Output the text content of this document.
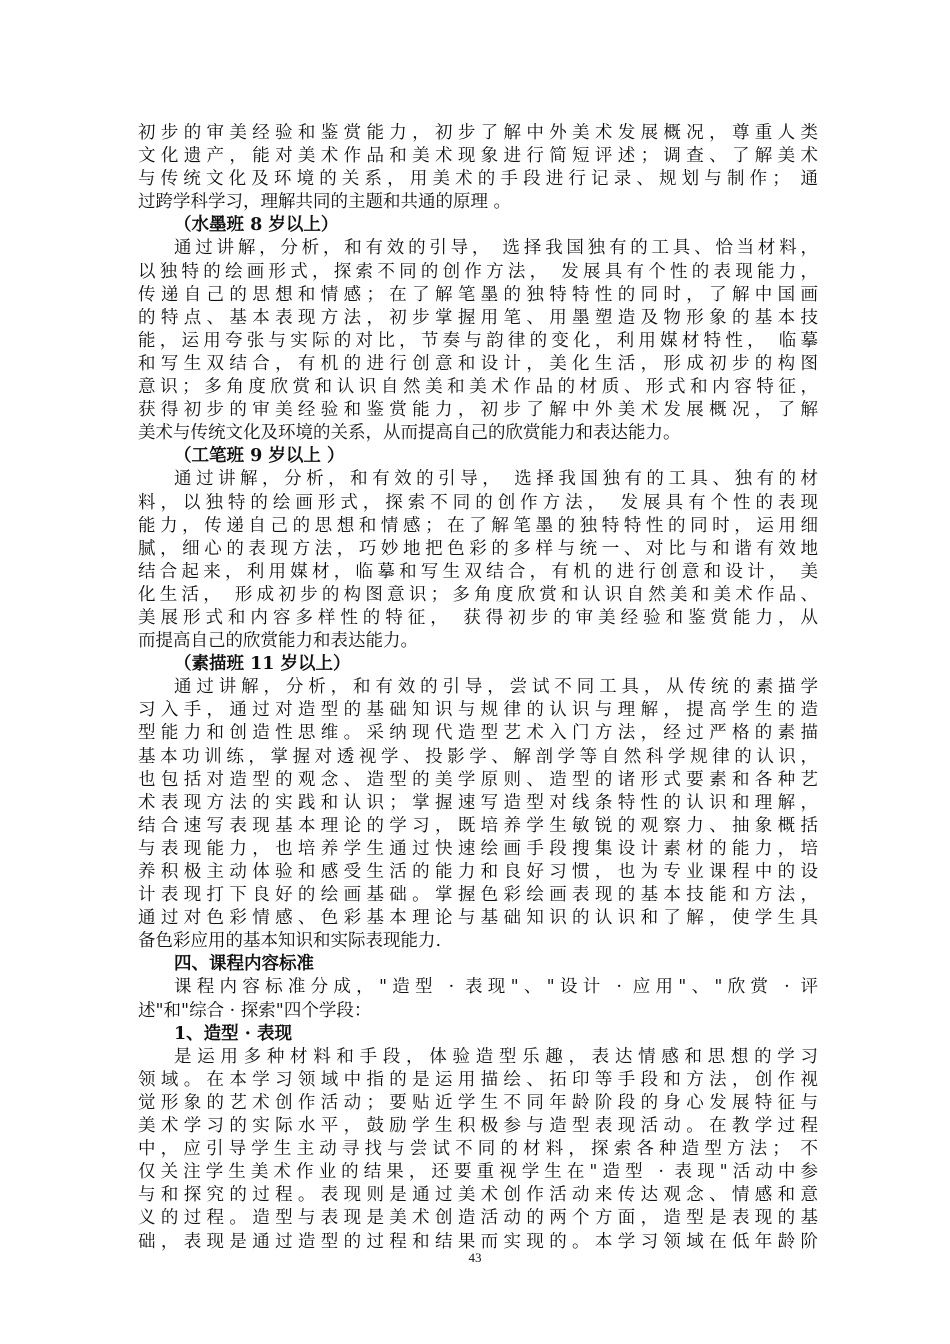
初步的审美经验和鉴赏能力，初步了解中外美术发展概况，尊重人类
文化遗产，能对美术作品和美术现象进行简短评述；调查、了解美术
与传统文化及环境的关系，用美术的手段进行记录、规划与制作； 通
过跨学科学习，理解共同的主题和共通的原理 。
（水墨班 8 岁以上）
通过讲解，分析，和有效的引导， 选择我国独有的工具、恰当材料，
以独特的绘画形式，探索不同的创作方法， 发展具有个性的表现能力，
传递自己的思想和情感；在了解笔墨的独特特性的同时，了解中国画
的特点、基本表现方法，初步掌握用笔、用墨塑造及物形象的基本技
能，运用夸张与实际的对比，节奏与韵律的变化，利用媒材特性， 临摹
和写生双结合，有机的进行创意和设计，美化生活，形成初步的构图
意识；多角度欣赏和认识自然美和美术作品的材质、形式和内容特征，
获得初步的审美经验和鉴赏能力，初步了解中外美术发展概况，了解
美术与传统文化及环境的关系，从而提高自己的欣赏能力和表达能力。
（工笔班 9 岁以上 ）
通过讲解，分析，和有效的引导， 选择我国独有的工具、独有的材
料，以独特的绘画形式，探索不同的创作方法， 发展具有个性的表现
能力，传递自己的思想和情感；在了解笔墨的独特特性的同时，运用细
腻，细心的表现方法，巧妙地把色彩的多样与统一、对比与和谐有效地
结合起来，利用媒材，临摹和写生双结合，有机的进行创意和设计， 美
化生活， 形成初步的构图意识；多角度欣赏和认识自然美和美术作品、
美展形式和内容多样性的特征， 获得初步的审美经验和鉴赏能力，从
而提高自己的欣赏能力和表达能力。
（素描班 11 岁以上）
通过讲解，分析，和有效的引导，尝试不同工具，从传统的素描学
习入手，通过对造型的基础知识与规律的认识与理解，提高学生的造
型能力和创造性思维。采纳现代造型艺术入门方法，经过严格的素描
基本功训练，掌握对透视学、投影学、解剖学等自然科学规律的认识，
也包括对造型的观念、造型的美学原则、造型的诸形式要素和各种艺
术表现方法的实践和认识；掌握速写造型对线条特性的认识和理解，
结合速写表现基本理论的学习，既培养学生敏锐的观察力、抽象概括
与表现能力，也培养学生通过快速绘画手段搜集设计素材的能力，培
养积极主动体验和感受生活的能力和良好习惯，也为专业课程中的设
计表现打下良好的绘画基础。掌握色彩绘画表现的基本技能和方法，
通过对色彩情感、色彩基本理论与基础知识的认识和了解，使学生具
备色彩应用的基本知识和实际表现能力.
四、课程内容标准
课程内容标准分成，"造型 · 表现"、"设计 · 应用"、"欣赏 · 评
述"和"综合 · 探索"四个学段：
1、造型 · 表现
是运用多种材料和手段，体验造型乐趣，表达情感和思想的学习
领域。在本学习领域中指的是运用描绘、拓印等手段和方法，创作视
觉形象的艺术创作活动；要贴近学生不同年龄阶段的身心发展特征与
美术学习的实际水平，鼓励学生积极参与造型表现活动。在教学过程
中，应引导学生主动寻找与尝试不同的材料，探索各种造型方法； 不
仅关注学生美术作业的结果，还要重视学生在"造型 · 表现"活动中参
与和探究的过程。表现则是通过美术创作活动来传达观念、情感和意
义的过程。造型与表现是美术创造活动的两个方面，造型是表现的基
础，表现是通过造型的过程和结果而实现的。本学习领域在低年龄阶
43
